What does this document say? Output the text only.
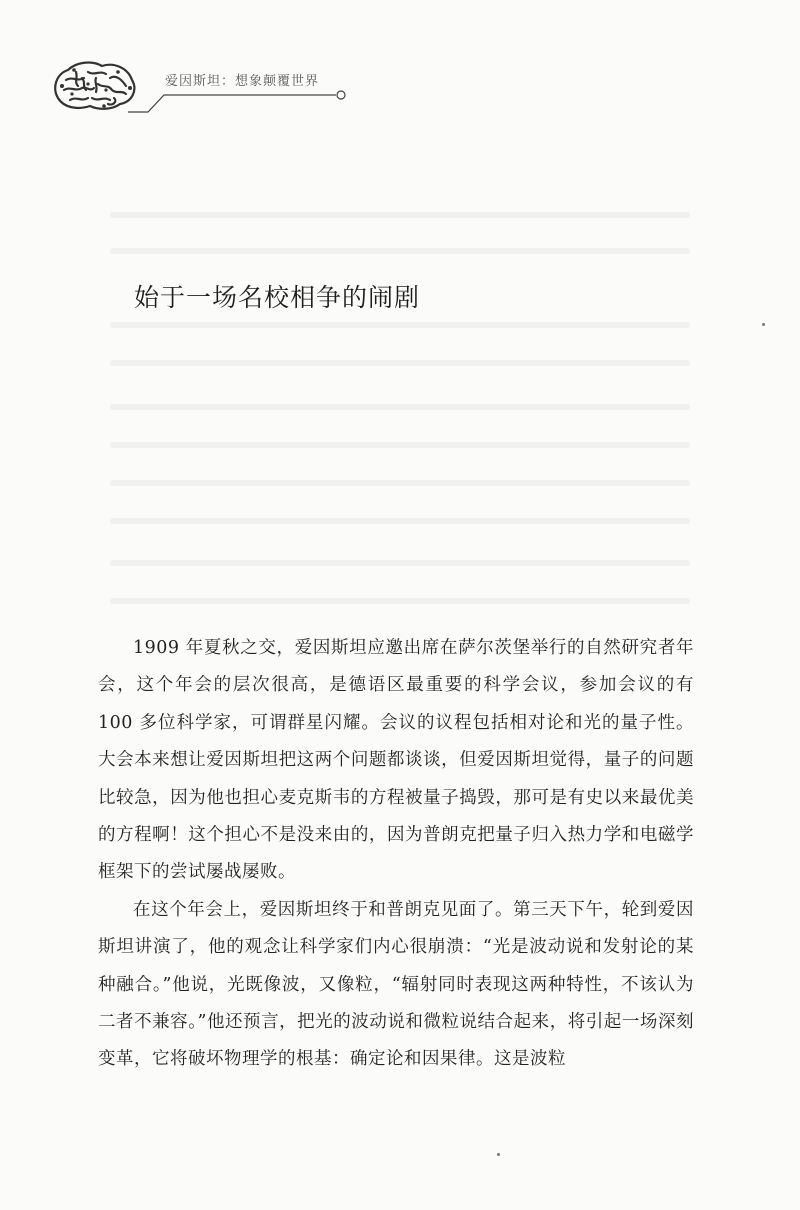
爱因斯坦：想象颠覆世界
始于一场名校相争的闹剧

1909 年夏秋之交，爱因斯坦应邀出席在萨尔茨堡举行的自然研究者年会，这个年会的层次很高，是德语区最重要的科学会议，参加会议的有 100 多位科学家，可谓群星闪耀。会议的议程包括相对论和光的量子性。大会本来想让爱因斯坦把这两个问题都谈谈，但爱因斯坦觉得，量子的问题比较急，因为他也担心麦克斯韦的方程被量子捣毁，那可是有史以来最优美的方程啊！这个担心不是没来由的，因为普朗克把量子归入热力学和电磁学框架下的尝试屡战屡败。

在这个年会上，爱因斯坦终于和普朗克见面了。第三天下午，轮到爱因斯坦讲演了，他的观念让科学家们内心很崩溃：“光是波动说和发射论的某种融合。”他说，光既像波，又像粒，“辐射同时表现这两种特性，不该认为二者不兼容。”他还预言，把光的波动说和微粒说结合起来，将引起一场深刻变革，它将破坏物理学的根基：确定论和因果律。这是波粒
